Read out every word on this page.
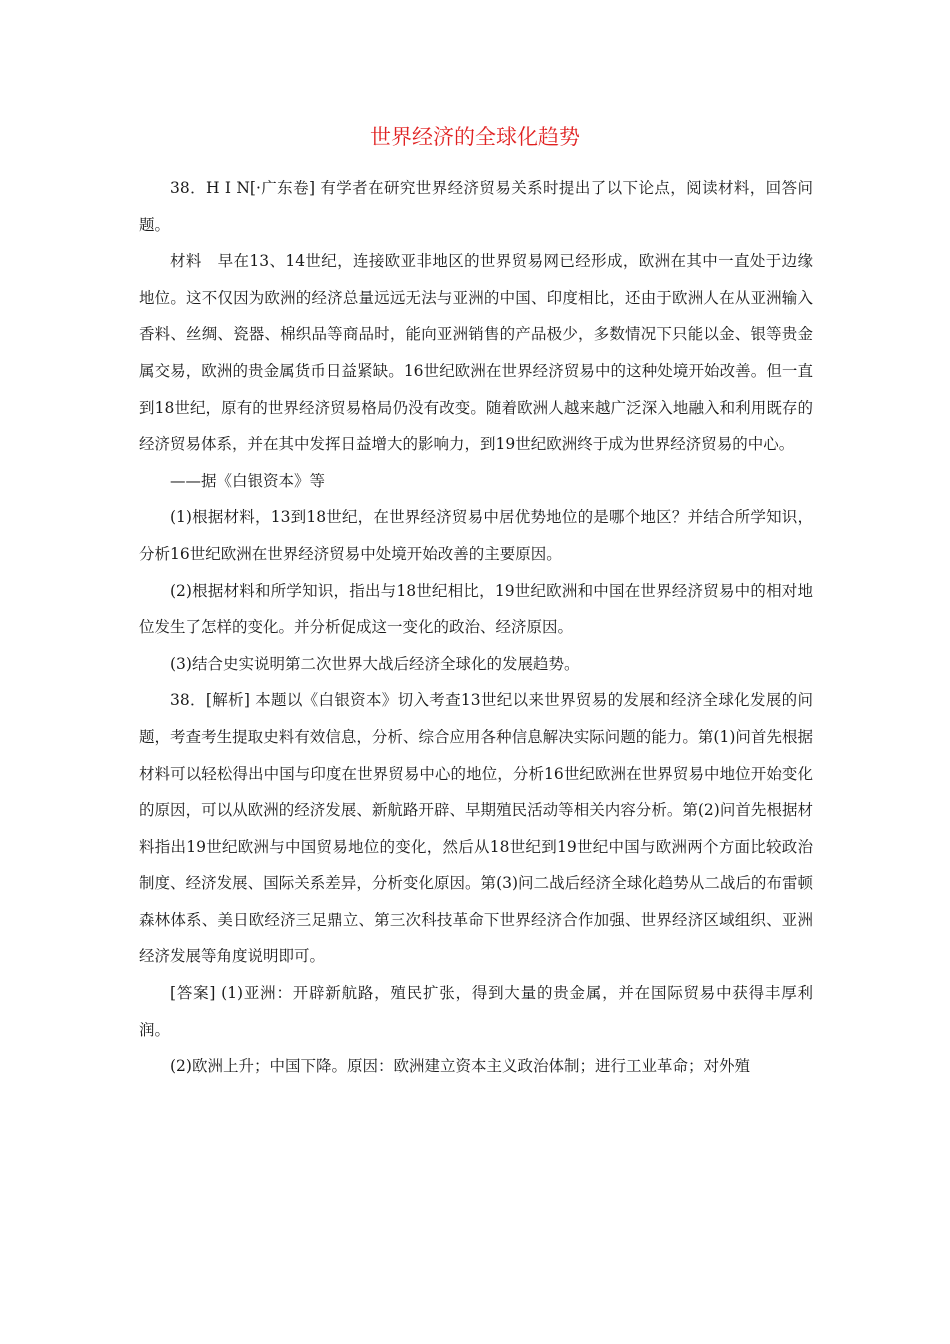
世界经济的全球化趋势

38．H I N[·广东卷] 有学者在研究世界经济贸易关系时提出了以下论点，阅读材料，回答问题。

材料　早在13、14世纪，连接欧亚非地区的世界贸易网已经形成，欧洲在其中一直处于边缘地位。这不仅因为欧洲的经济总量远远无法与亚洲的中国、印度相比，还由于欧洲人在从亚洲输入香料、丝绸、瓷器、棉织品等商品时，能向亚洲销售的产品极少，多数情况下只能以金、银等贵金属交易，欧洲的贵金属货币日益紧缺。16世纪欧洲在世界经济贸易中的这种处境开始改善。但一直到18世纪，原有的世界经济贸易格局仍没有改变。随着欧洲人越来越广泛深入地融入和利用既存的经济贸易体系，并在其中发挥日益增大的影响力，到19世纪欧洲终于成为世界经济贸易的中心。

——据《白银资本》等

(1)根据材料，13到18世纪，在世界经济贸易中居优势地位的是哪个地区？并结合所学知识，分析16世纪欧洲在世界经济贸易中处境开始改善的主要原因。

(2)根据材料和所学知识，指出与18世纪相比，19世纪欧洲和中国在世界经济贸易中的相对地位发生了怎样的变化。并分析促成这一变化的政治、经济原因。

(3)结合史实说明第二次世界大战后经济全球化的发展趋势。

38．[解析] 本题以《白银资本》切入考查13世纪以来世界贸易的发展和经济全球化发展的问题，考查考生提取史料有效信息，分析、综合应用各种信息解决实际问题的能力。第(1)问首先根据材料可以轻松得出中国与印度在世界贸易中心的地位，分析16世纪欧洲在世界贸易中地位开始变化的原因，可以从欧洲的经济发展、新航路开辟、早期殖民活动等相关内容分析。第(2)问首先根据材料指出19世纪欧洲与中国贸易地位的变化，然后从18世纪到19世纪中国与欧洲两个方面比较政治制度、经济发展、国际关系差异，分析变化原因。第(3)问二战后经济全球化趋势从二战后的布雷顿森林体系、美日欧经济三足鼎立、第三次科技革命下世界经济合作加强、世界经济区域组织、亚洲经济发展等角度说明即可。

[答案] (1)亚洲：开辟新航路，殖民扩张，得到大量的贵金属，并在国际贸易中获得丰厚利润。

(2)欧洲上升；中国下降。原因：欧洲建立资本主义政治体制；进行工业革命；对外殖
